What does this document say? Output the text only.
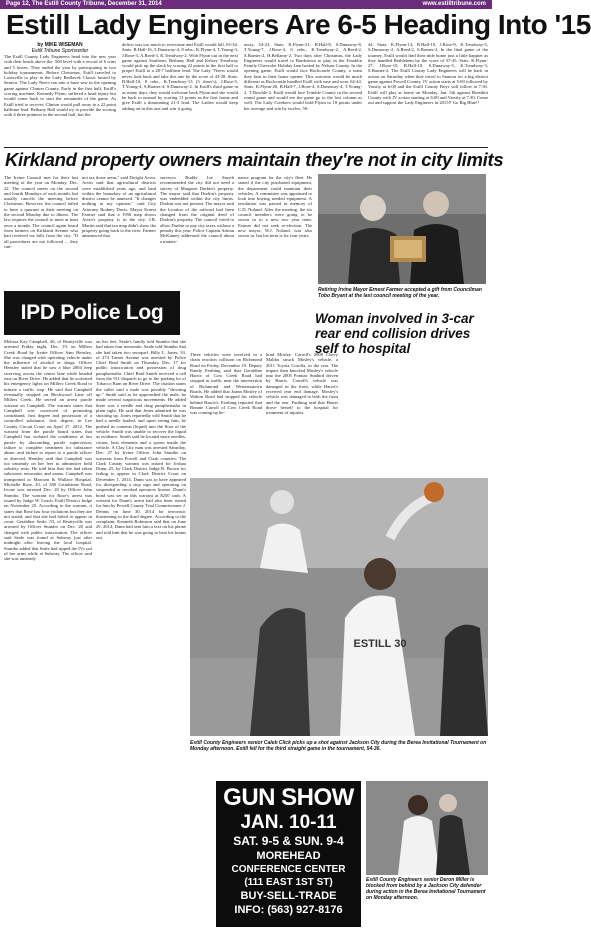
Page 12, The Estill County Tribune, December 31, 2014	www.estilltribune.com
Estill Lady Engineers Are 6-5 Heading Into '15
by MIKE WISEMAN
Estill Tribune Sportswriter
The Estill County Lady Engineers head into the new year with their heads above the .500 level with a record of 6 wins and 5 losses. They ended the year by participating in two holiday tournaments. Before Christmas, Estill traveled to Louisville to play in the Lady Bedlavek Classic hosted by Seneca. The Lady Neers ran into a buzz saw in the opening game against Clinton County. Early in the first half, Estill's scoring machine, Kennedy Flynn, suffered a head injury but would come back to start the remainder of the game. As Estill tried to recover, Clinton would pull away to a 22 point halftime lead. Bethany Hall would try to provide the scoring with 4 three pointers in the second half, but the
deficit was too much to overcome and Estill would fall, 63-34. Stats: B.Hall-16, 5.Dunaway-4, 8 rebs., K.Flynn-4, T.Young-3, J.Rose-3, A.Reed-3, K.Treadway-2. With Flynn out in the next game against Southern, Bethany Hall and Kelsey Treadway would pick up the slack by scoring 22 points in the first half to propel Estill to a 28-7 halftime lead. The Lady "Neers would never look back and take this one by the score of 43-28. Stats: B.Hall-16, 8 rebs., K.Treadway-13 (3 three's), J.Rose-5, T.Young-4, S.Barnes-4, S.Dunaway-2. In Estill's third game in as many days, they would welcome back Flynn and she would be back to normal by scoring 11 points as the first frame and give Estill a dominating 21-3 lead. The Ladies would keep adding on in this one and win it going
away, 54-23. Stats: K.Flynn-21, B.Hall-8, S.Dunaway-8, T.Young-7, J.Rose-4, 6 rebs., K.Treadway-2, A.Reed-2, S.Barnes-2, H.Bellamy-2. Two days after Christmas, the Lady Engineers would travel to Bardstown to play in the Franklin Family Chevrolet Holiday Jam hosted by Nelson County. In the opening game, Estill would face Rockcastle County, a team they beat in their home opener. This outcome would be much different as Rockcastle handled Estill with ease and won, 64-44. Stats: K.Flynn-20, B.Hall-7, J.Rose-4, S.Dunaway-4, T.Young-2, T.Deschle-2. Estill would face Trimble County in the second round game and would see the game go to the lost column as well. The Lady Creekers would hold Flynn to 10 points under her average and win by twelve, 56-
44. Stats: K.Flynn-14, B.Hall-10, J.Rose-9, K.Treadway-5, S.Dunaway-2, A.Reed-2, S.Barnes-2. In the final game of the tourney, Estill would find their nide home just a little happier as they handled Bethlehem by the score of 57-45. Stats: K.Flynn-27, J.Rose-10, B.Hall-10, S.Dunaway-5, K.Treadway-3, S.Barnes-2. The Estill County Lady Engineers will be back in action on Saturday when they travel to Stanton for a big district game against Powell County. JV action starts at 5:00 followed by Varsity at 6:00 and the Estill County Boys will follow at 7:30. Estill will play at home on Monday, Jan. 5th against Breathitt County with JV action starting at 6:00 and Varsity at 7:30. Come out and support the Lady Engineers in 2015!! Go Big Blue!!
Kirkland property owners maintain they're not in city limits
The Irvine Council met for their last meeting of the year on Monday, Dec. 22. The council meets on the second and fourth Mondays of each month, but usually cancels the meeting before Christmas. However, the council failed to have a quorum at their meeting on the second Monday due to illness. The law requires the council to meet at least once a month. The council again heard from farmers on Kirkland Avenue who had received tax bills from the city. "If all procedures are not followed ... they can-
not tax those areas," said Dwight Arvin. Arvin said that agricultural districts were established years ago, and land within the boundary of an agricultural district cannot be annexed. "It changes nothing in my opinion," said City Attorney Rodney Davis. Mayor Ernest Farmer said that a 1956 map shows Arvin's property is in the city. J.B. Martin said that tax map didn't show the property going back to the river. Farmer announced that
surveyor Buddy Joe Smyth recommended the city did not need a survey of Margaret Durbin's property. The mayor said that Durbin's property was embedded within the city limits. Durbin was not present. The mayor said the location of the railroad had been changed from the original deed of Durbin's property. The council voted to allow Durbin to pay city taxes without a penalty this year. Police Captain Adrian McKinney addressed the council about a mainte-
nance program for the city's fleet. He stated if the city purchased equipment, the department could maintain their vehicles. A committee was appointed to look into buying needed equipment. A resolution was passed in memory of C.D. Noland. After the meeting, the six council members were going to be sworn in to a new two year term. Farmer did not seek re-election. The new mayor, W.J. Noland, was also sworn in, but his term is for four years.
Retiring Irvine Mayor Ernest Farmer accepted a gift from Councilman Tobo Bryant at the last council meeting of the year.
IPD Police Log
Melissa Kay Campbell, 46, of Beattyville was arrested Friday night, Dec. 19, on Millers Creek Road by Irvine Officer Sam Hensley. She was charged with operating vehicle under the influence of alcohol or drugs. Officer Hensley stated that he saw a blue 2004 Jeep swerving across the center lane while headed east on River Drive. He added that he activated his emergency lights on Millers Creek Road to initiate a traffic stop. He said that Campbell eventually stopped on Birchwood Lane off Millers Creek. He served an arrest parole warrant on Campbell. The warrant states that Campbell was convicted of promoting contraband, first degree and possession of a controlled substance, first degree, in Lee County Circuit Court on April 27, 2012. The warrant from the parole board states that Campbell has violated the conditions of her parole by absconding parole supervision, failure to complete treatment for substance abuse, and failure to report to a parole officer as directed. Hensley said that Campbell was too unsteady on her feet to administer field sobriety tests. He told him that she had taken suboxone, neurontin, and xanax. Campbell was transported to Marcum & Wallace Hospital. Michelle Rose, 43, of 300 Grindstone Road, Irvine was arrested Dec. 20 by Officer John Stumbo. The warrant for Rose's arrest was issued by Judge W. Leach. Estill District Judge on November 25. According to the warrant, it states that Rose has four violations but they are not stated, and that she had failed to appear in court. Geraldine Seale, 53, of Beattyville was arrested by Officer Stumbo on Dec. 20 and charged with public intoxication. The officer said Seale was found at Subway just after midnight after leaving the local hospital. Stumbo added that Seale had ripped the IVs out of her arms while at Subway. The officer said she was unsteady
on her feet. Seale's family told Stumbo that she had taken four neurontin. Seale told Stumbo that she had taken two seroquel. Billy L. Jones, 33, of 274 Turner Avenue was arrested by Police Chief Brad Smith on Thursday, Dec. 17 for public intoxication and possession of drug paraphernalia. Chief Brad Smith received a call from the 911 dispatch to go to the parking lot of Tobacco Barn on River Drive. The citation states the caller said a male was possibly "shooting up." Smith said as he approached the male, he made several suspicious movements. He added there was a needle and drug paraphernalia in plain sight. He said that Jones admitted he was shooting up. Jones reportedly told Smith that he had a needle loaded, and upon seeing him, he pushed its contents (liquid) into the floor of the vehicle. Smith was unable to recover the liquid as evidence. Smith said he located more needles, cotton, heat elements and a spoon inside the vehicle. A Clay City man was arrested Saturday, Dec. 27 by Irvine Officer John Stumbo on warrants from Powell and Clark counties. The Clark County warrant was issued for Joshua Dunn, 25, by Clark District Judge B. Brown for failing to appear in Clark District Court on December 1, 2014. Dunn was to have appeared for disregarding a stop sign and operating on suspended or revoked operators license. Dunn's bond was set on this warrant at $250 cash. A warrant for Dunn's arrest had also been issued for him by Powell County Trial Commissioner J. Dennis on June 30, 2014 for terroristic threatening in the third degree. According to the complaint, Kenneth Robinson said that on June 29, 2014, Dunn had sent him a text on his phone and told him that he was going to beat his brains out.
Woman involved in 3-car rear end collision drives self to hospital
Three vehicles were involved in a chain reaction collision on Richmond Road on Friday, December 19. Deputy Randy Farthing said that Geraldine Harris of Cow Creek Road had stopped in traffic near the intersection of Richmond and Westernutown Roads. He added that Joann Mosley of Walton Road had stopped his vehicle behind Harris's. Farthing reported that Bonnie Carroll of Cow Creek Road was coming up be-
hind Mosley. Carroll's 2008 Chevy Malibu struck Mosley's vehicle, a 2011 Toyota Corolla, in the rear. The impact then knocked Mosley's vehicle into the 2005 Pontiac Sunbird driven by Harris. Carroll's vehicle was damaged in the front, while Harris's received rear end damage. Mosley's vehicle was damaged in both the front and the rear. Farthing said that Harris drove herself to the hospital for treatment of injuries.
ESTILL 30
Estill County Engineers senior Caleb Click picks up a shot against Jackson City during the Berea Invitational Tournament on Monday afternoon. Estill fell for the third straight game in the tournament, 54-36.
GUN SHOW
JAN. 10-11
SAT. 9-5 & SUN. 9-4
MOREHEAD
CONFERENCE CENTER
(111 EAST 1ST ST)
BUY-SELL-TRADE
INFO: (563) 927-8176
Estill County Engineers senior Deron Miller is blocked from behind by a Jackson City defender during action in the Berea Invitational Tournament on Monday afternoon.
